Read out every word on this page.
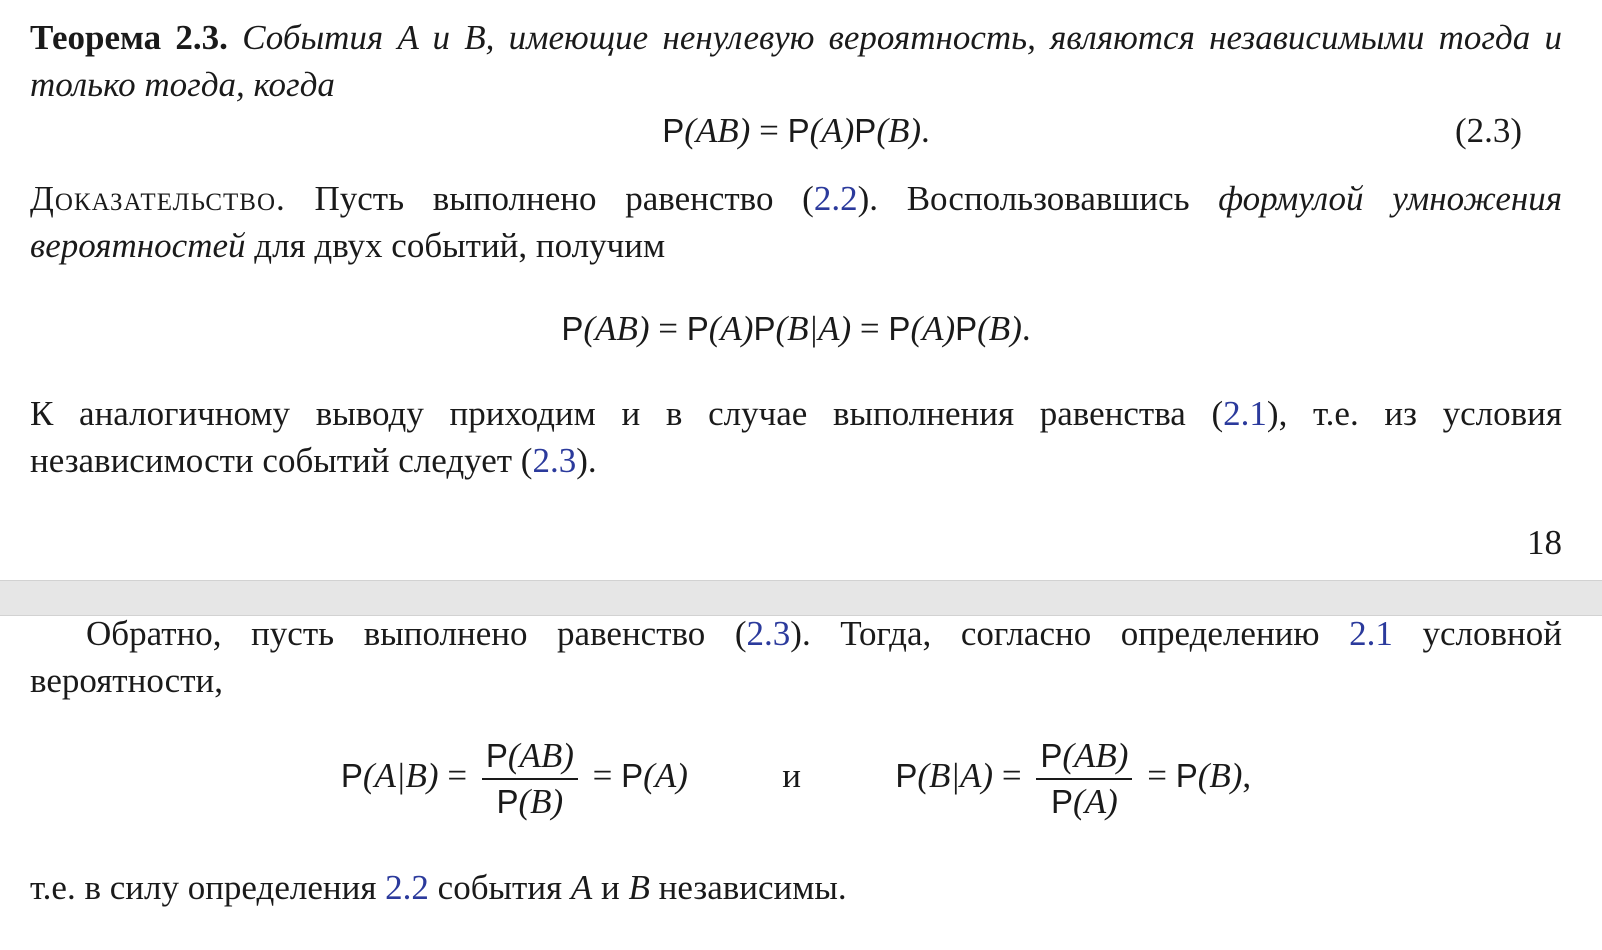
Теорема 2.3. События A и B, имеющие ненулевую вероятность, являются независимыми тогда и только тогда, когда

P(AB) = P(A)P(B).	(2.3)

Доказательство. Пусть выполнено равенство (2.2). Воспользовавшись формулой умножения вероятностей для двух событий, получим

P(AB) = P(A)P(B|A) = P(A)P(B).

К аналогичному выводу приходим и в случае выполнения равенства (2.1), т.е. из условия независимости событий следует (2.3).

18

Обратно, пусть выполнено равенство (2.3). Тогда, согласно определению 2.1 условной вероятности,

$P(A|B) = \frac{P(AB)}{P(B)} = P(A)$	и	$P(B|A) = \frac{P(AB)}{P(A)} = P(B)$,

т.е. в силу определения 2.2 события A и B независимы.
